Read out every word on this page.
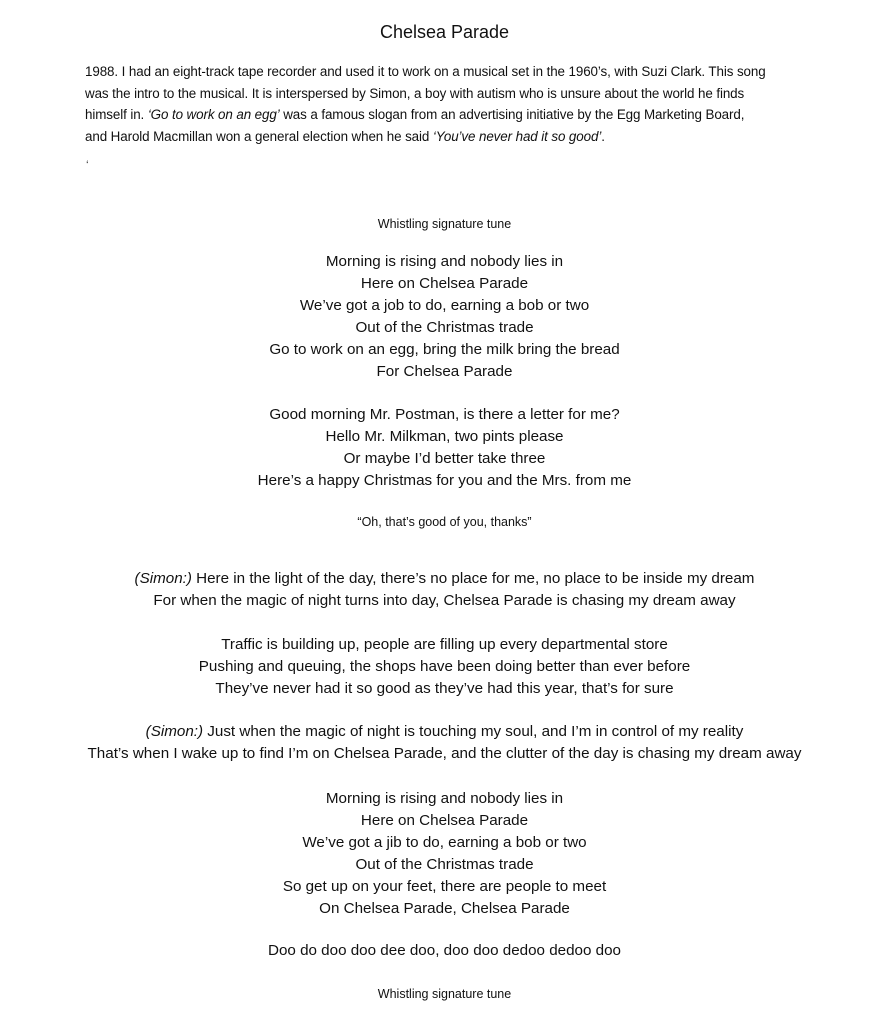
Chelsea Parade
1988. I had an eight-track tape recorder and used it to work on a musical set in the 1960’s, with Suzi Clark. This song
was the intro to the musical. It is interspersed by Simon, a boy with autism who is unsure about the world he finds
himself in. ‘Go to work on an egg’ was a famous slogan from an advertising initiative by the Egg Marketing Board,
and Harold Macmillan won a general election when he said ‘You’ve never had it so good’.
‘
Whistling signature tune
Morning is rising and nobody lies in
Here on Chelsea Parade
We’ve got a job to do, earning a bob or two
Out of the Christmas trade
Go to work on an egg, bring the milk bring the bread
For Chelsea Parade
Good morning Mr. Postman, is there a letter for me?
Hello Mr. Milkman, two pints please
Or maybe I’d better take three
Here’s a happy Christmas for you and the Mrs. from me
“Oh, that’s good of you, thanks”
(Simon:) Here in the light of the day, there’s no place for me, no place to be inside my dream
For when the magic of night turns into day, Chelsea Parade is chasing my dream away
Traffic is building up, people are filling up every departmental store
Pushing and queuing, the shops have been doing better than ever before
They’ve never had it so good as they’ve had this year, that’s for sure
(Simon:) Just when the magic of night is touching my soul, and I’m in control of my reality
That’s when I wake up to find I’m on Chelsea Parade, and the clutter of the day is chasing my dream away
Morning is rising and nobody lies in
Here on Chelsea Parade
We’ve got a jib to do, earning a bob or two
Out of the Christmas trade
So get up on your feet, there are people to meet
On Chelsea Parade, Chelsea Parade
Doo do doo doo dee doo, doo doo dedoo dedoo doo
Whistling signature tune
